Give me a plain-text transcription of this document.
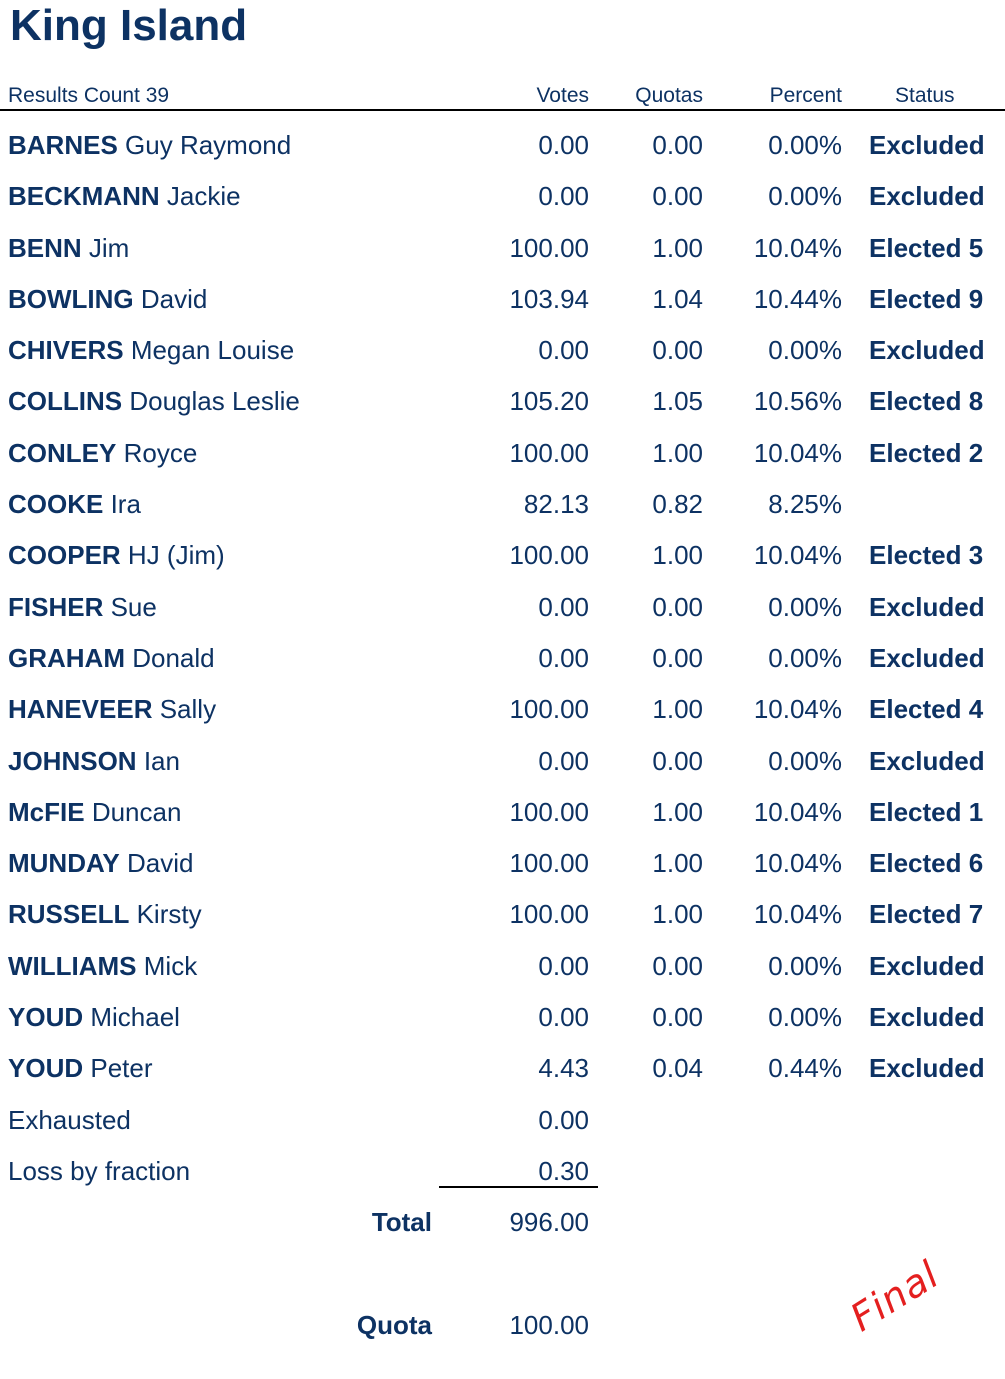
King Island
Results Count 39	Votes Quotas	Percent	Status
BARNES Guy Raymond	0.00 0.00	0.00% Excluded
BECKMANN Jackie	0.00 0.00	0.00% Excluded
BENN Jim	100.00 1.00 10.04% Elected 5
BOWLING David	103.94 1.04 10.44% Elected 9
CHIVERS Megan Louise	0.00 0.00	0.00% Excluded
COLLINS Douglas Leslie	105.20 1.05 10.56% Elected 8
CONLEY Royce	100.00 1.00 10.04% Elected 2
COOKE Ira	82.13 0.82	8.25%
COOPER HJ (Jim)	100.00 1.00 10.04% Elected 3
FISHER Sue	0.00 0.00	0.00% Excluded
GRAHAM Donald	0.00 0.00	0.00% Excluded
HANEVEER Sally	100.00 1.00 10.04% Elected 4
JOHNSON Ian	0.00 0.00	0.00% Excluded
McFIE Duncan	100.00 1.00 10.04% Elected 1
MUNDAY David	100.00 1.00 10.04% Elected 6
RUSSELL Kirsty	100.00 1.00 10.04% Elected 7
WILLIAMS Mick	0.00 0.00	0.00% Excluded
YOUD Michael	0.00 0.00	0.00% Excluded
YOUD Peter	4.43 0.04	0.44% Excluded
Exhausted	0.00
Loss by fraction	0.30
Total	996.00
Quota	100.00	Final
